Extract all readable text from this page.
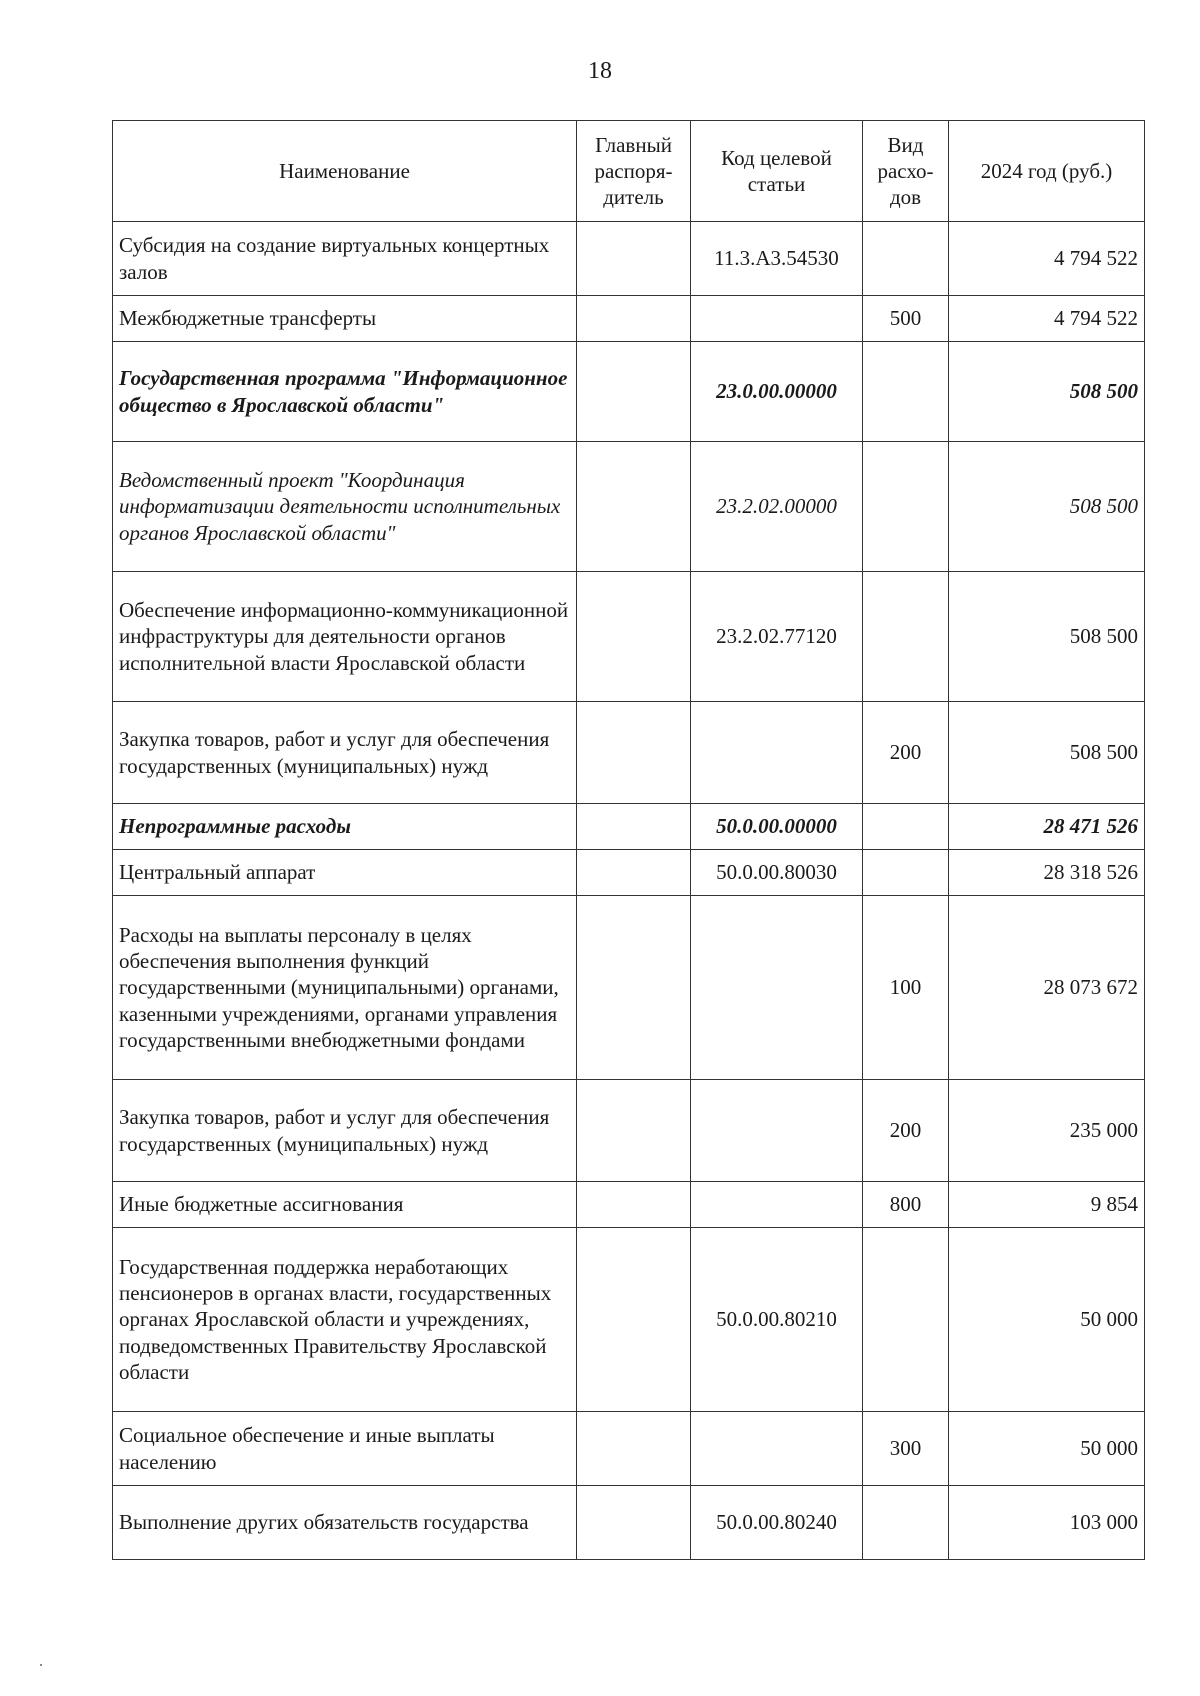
18
Наименование	Главный распоря-дитель	Код целевой статьи	Вид расхо-дов	2024 год (руб.)
Субсидия на создание виртуальных концертных залов		11.3.А3.54530		4 794 522
Межбюджетные трансферты			500	4 794 522
Государственная программа "Информационное общество в Ярославской области"		23.0.00.00000		508 500
Ведомственный проект "Координация информатизации деятельности исполнительных органов Ярославской области"		23.2.02.00000		508 500
Обеспечение информационно-коммуникационной инфраструктуры для деятельности органов исполнительной власти Ярославской области		23.2.02.77120		508 500
Закупка товаров, работ и услуг для обеспечения государственных (муниципальных) нужд			200	508 500
Непрограммные расходы		50.0.00.00000		28 471 526
Центральный аппарат		50.0.00.80030		28 318 526
Расходы на выплаты персоналу в целях обеспечения выполнения функций государственными (муниципальными) органами, казенными учреждениями, органами управления государственными внебюджетными фондами			100	28 073 672
Закупка товаров, работ и услуг для обеспечения государственных (муниципальных) нужд			200	235 000
Иные бюджетные ассигнования			800	9 854
Государственная поддержка неработающих пенсионеров в органах власти, государственных органах Ярославской области и учреждениях, подведомственных Правительству Ярославской области		50.0.00.80210		50 000
Социальное обеспечение и иные выплаты населению			300	50 000
Выполнение других обязательств государства		50.0.00.80240		103 000
